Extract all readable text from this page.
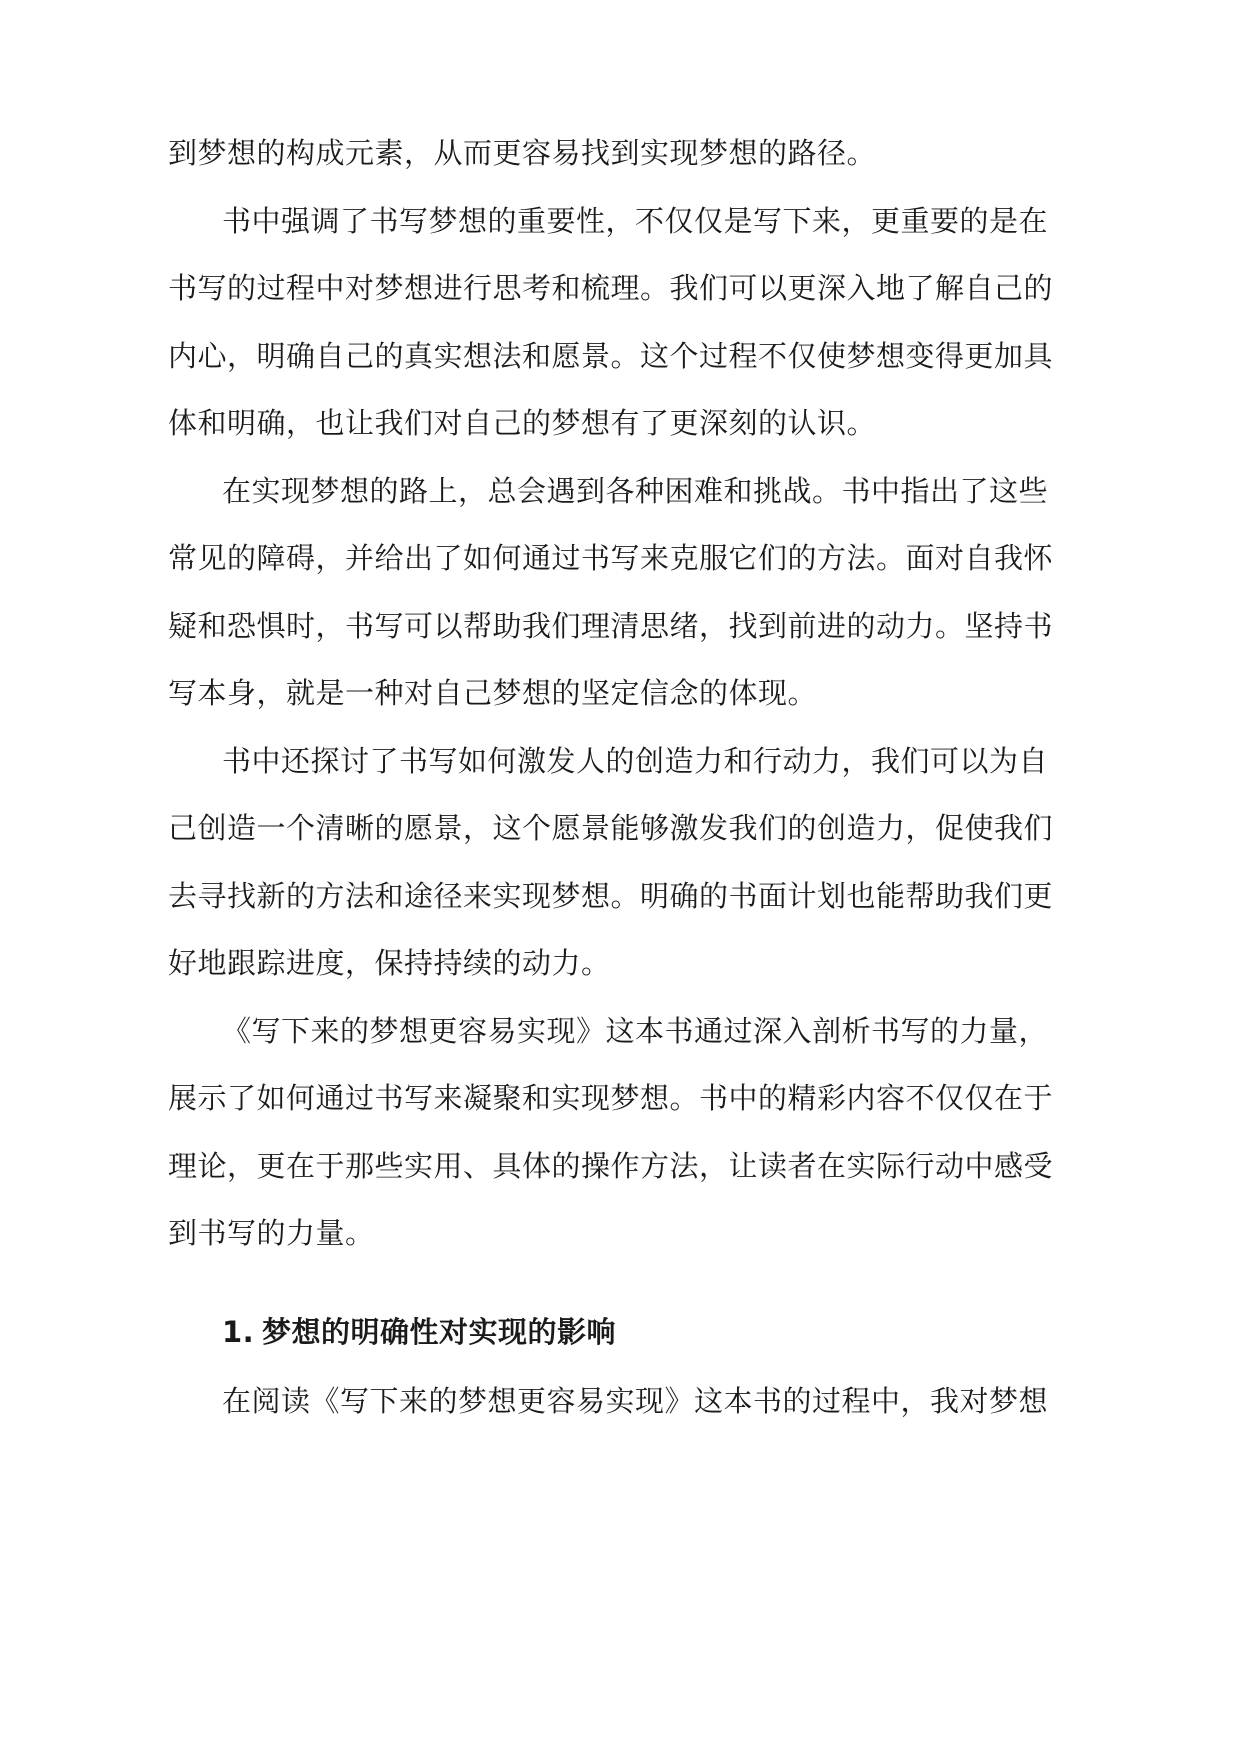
到梦想的构成元素，从而更容易找到实现梦想的路径。
书中强调了书写梦想的重要性，不仅仅是写下来，更重要的是在
书写的过程中对梦想进行思考和梳理。我们可以更深入地了解自己的
内心，明确自己的真实想法和愿景。这个过程不仅使梦想变得更加具
体和明确，也让我们对自己的梦想有了更深刻的认识。
在实现梦想的路上，总会遇到各种困难和挑战。书中指出了这些
常见的障碍，并给出了如何通过书写来克服它们的方法。面对自我怀
疑和恐惧时，书写可以帮助我们理清思绪，找到前进的动力。坚持书
写本身，就是一种对自己梦想的坚定信念的体现。
书中还探讨了书写如何激发人的创造力和行动力，我们可以为自
己创造一个清晰的愿景，这个愿景能够激发我们的创造力，促使我们
去寻找新的方法和途径来实现梦想。明确的书面计划也能帮助我们更
好地跟踪进度，保持持续的动力。
《写下来的梦想更容易实现》这本书通过深入剖析书写的力量，
展示了如何通过书写来凝聚和实现梦想。书中的精彩内容不仅仅在于
理论，更在于那些实用、具体的操作方法，让读者在实际行动中感受
到书写的力量。
1. 梦想的明确性对实现的影响
在阅读《写下来的梦想更容易实现》这本书的过程中，我对梦想
